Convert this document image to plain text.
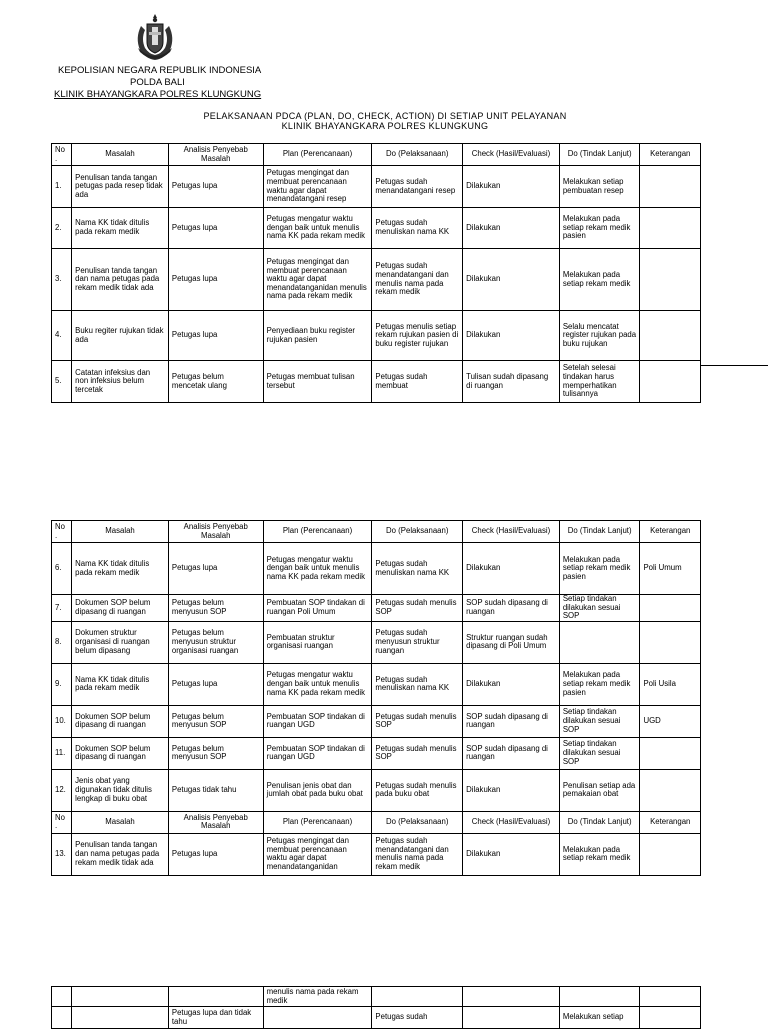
KEPOLISIAN NEGARA REPUBLIK INDONESIA
POLDA BALI
KLINIK BHAYANGKARA POLRES KLUNGKUNG
PELAKSANAAN PDCA (PLAN, DO, CHECK, ACTION) DI SETIAP UNIT PELAYANAN
KLINIK BHAYANGKARA POLRES KLUNGKUNG
No .	Masalah	Analisis Penyebab Masalah	Plan (Perencanaan)	Do (Pelaksanaan)	Check (Hasil/Evaluasi)	Do (Tindak Lanjut)	Keterangan
1.	Penulisan tanda tangan petugas pada resep tidak ada	Petugas lupa	Petugas mengingat dan membuat perencanaan waktu agar dapat menandatangani resep	Petugas sudah menandatangani resep	Dilakukan	Melakukan setiap pembuatan resep	
2.	Nama KK tidak ditulis pada rekam medik	Petugas lupa	Petugas mengatur waktu dengan baik untuk menulis nama KK pada rekam medik	Petugas sudah menuliskan nama KK	Dilakukan	Melakukan pada setiap rekam medik pasien	
3.	Penulisan tanda tangan dan nama petugas pada rekam medik tidak ada	Petugas lupa	Petugas mengingat dan membuat perencanaan waktu agar dapat menandatanganidan menulis nama pada rekam medik	Petugas sudah menandatangani dan menulis nama pada rekam medik	Dilakukan	Melakukan pada setiap rekam medik	
4.	Buku regiter rujukan tidak ada	Petugas lupa	Penyediaan buku register rujukan pasien	Petugas menulis setiap rekam rujukan pasien di buku register rujukan	Dilakukan	Selalu mencatat register rujukan pada buku rujukan	
5.	Catatan infeksius dan non infeksius belum tercetak	Petugas belum mencetak ulang	Petugas membuat tulisan tersebut	Petugas sudah membuat	Tulisan sudah dipasang di ruangan	Setelah selesai tindakan harus memperhatikan tulisannya	
No .	Masalah	Analisis Penyebab Masalah	Plan (Perencanaan)	Do (Pelaksanaan)	Check (Hasil/Evaluasi)	Do (Tindak Lanjut)	Keterangan
6.	Nama KK tidak ditulis pada rekam medik	Petugas lupa	Petugas mengatur waktu dengan baik untuk menulis nama KK pada rekam medik	Petugas sudah menuliskan nama KK	Dilakukan	Melakukan pada setiap rekam medik pasien	Poli Umum
7.	Dokumen SOP belum dipasang di ruangan	Petugas belum menyusun SOP	Pembuatan SOP tindakan di ruangan Poli Umum	Petugas sudah menulis SOP	SOP sudah dipasang di ruangan	Setiap tindakan dilakukan sesuai SOP	
8.	Dokumen struktur organisasi di ruangan belum dipasang	Petugas belum menyusun struktur organisasi ruangan	Pembuatan struktur organisasi ruangan	Petugas sudah menyusun struktur ruangan	Struktur ruangan sudah dipasang di Poli Umum		
9.	Nama KK tidak ditulis pada rekam medik	Petugas lupa	Petugas mengatur waktu dengan baik untuk menulis nama KK pada rekam medik	Petugas sudah menuliskan nama KK	Dilakukan	Melakukan pada setiap rekam medik pasien	Poli Usila
10.	Dokumen SOP belum dipasang di ruangan	Petugas belum menyusun SOP	Pembuatan SOP tindakan di ruangan UGD	Petugas sudah menulis SOP	SOP sudah dipasang di ruangan	Setiap tindakan dilakukan sesuai SOP	UGD
11.	Dokumen SOP belum dipasang di ruangan	Petugas belum menyusun SOP	Pembuatan SOP tindakan di ruangan UGD	Petugas sudah menulis SOP	SOP sudah dipasang di ruangan	Setiap tindakan dilakukan sesuai SOP	
12.	Jenis obat yang digunakan tidak ditulis lengkap di buku obat	Petugas tidak tahu	Penulisan jenis obat dan jumlah obat pada buku obat	Petugas sudah menulis pada buku obat	Dilakukan	Penulisan setiap ada pemakaian obat	
No .	Masalah	Analisis Penyebab Masalah	Plan (Perencanaan)	Do (Pelaksanaan)	Check (Hasil/Evaluasi)	Do (Tindak Lanjut)	Keterangan
13.	Penulisan tanda tangan dan nama petugas pada rekam medik tidak ada	Petugas lupa	Petugas mengingat dan membuat perencanaan waktu agar dapat menandatanganidan	Petugas sudah menandatangani dan menulis nama pada rekam medik	Dilakukan	Melakukan pada setiap rekam medik	
			menulis nama pada rekam medik				
		Petugas lupa dan tidak tahu		Petugas sudah		Melakukan setiap	
